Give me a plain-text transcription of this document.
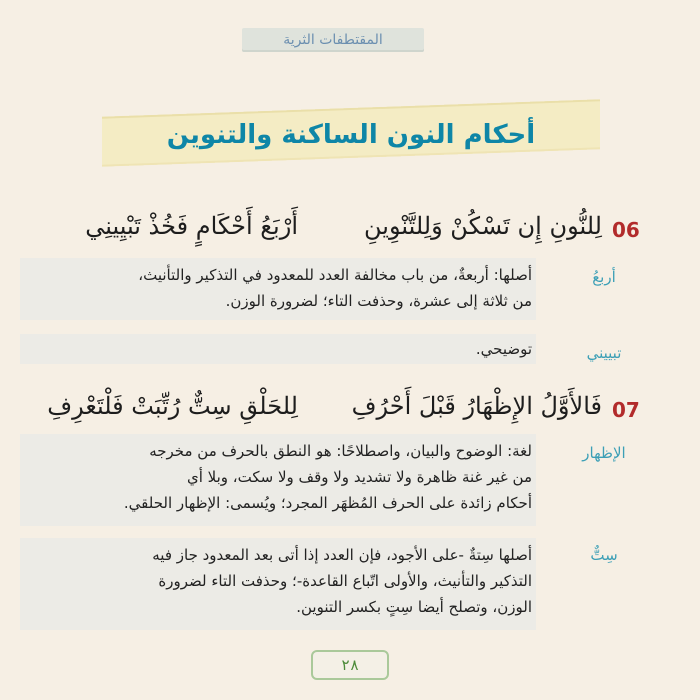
المقتطفات الثرية
أحكام النون الساكنة والتنوين
06
لِلنُّونِ إِن تَسْكُنْ وَلِلتَّنْوِينِ
أَرْبَعُ أَحْكَامٍ فَخُذْ تَبْيِينِي
أربعُ
أصلها: أربعةٌ، من باب مخالفة العدد للمعدود في التذكير والتأنيث،
من ثلاثة إلى عشرة، وحذفت التاء؛ لضرورة الوزن.
تبييني
توضيحي.
07
فَالأَوَّلُ الإِظْهَارُ قَبْلَ أَحْرُفِ
لِلحَلْقِ سِتٌّ رُتِّبَتْ فَلْتَعْرِفِ
الإظهار
لغة: الوضوح والبيان، واصطلاحًا: هو النطق بالحرف من مخرجه
من غير غنة ظاهرة ولا تشديد ولا وقف ولا سكت، وبلا أي
أحكام زائدة على الحرف المُظهَر المجرد؛ ويُسمى: الإظهار الحلقي.
سِتٌّ
أصلها سِتةٌ -على الأجود، فإن العدد إذا أتى بعد المعدود جاز فيه
التذكير والتأنيث، والأولى اتّباع القاعدة-؛ وحذفت التاء لضرورة
الوزن، وتصلح أيضا سِتٍ بكسر التنوين.
٢٨
